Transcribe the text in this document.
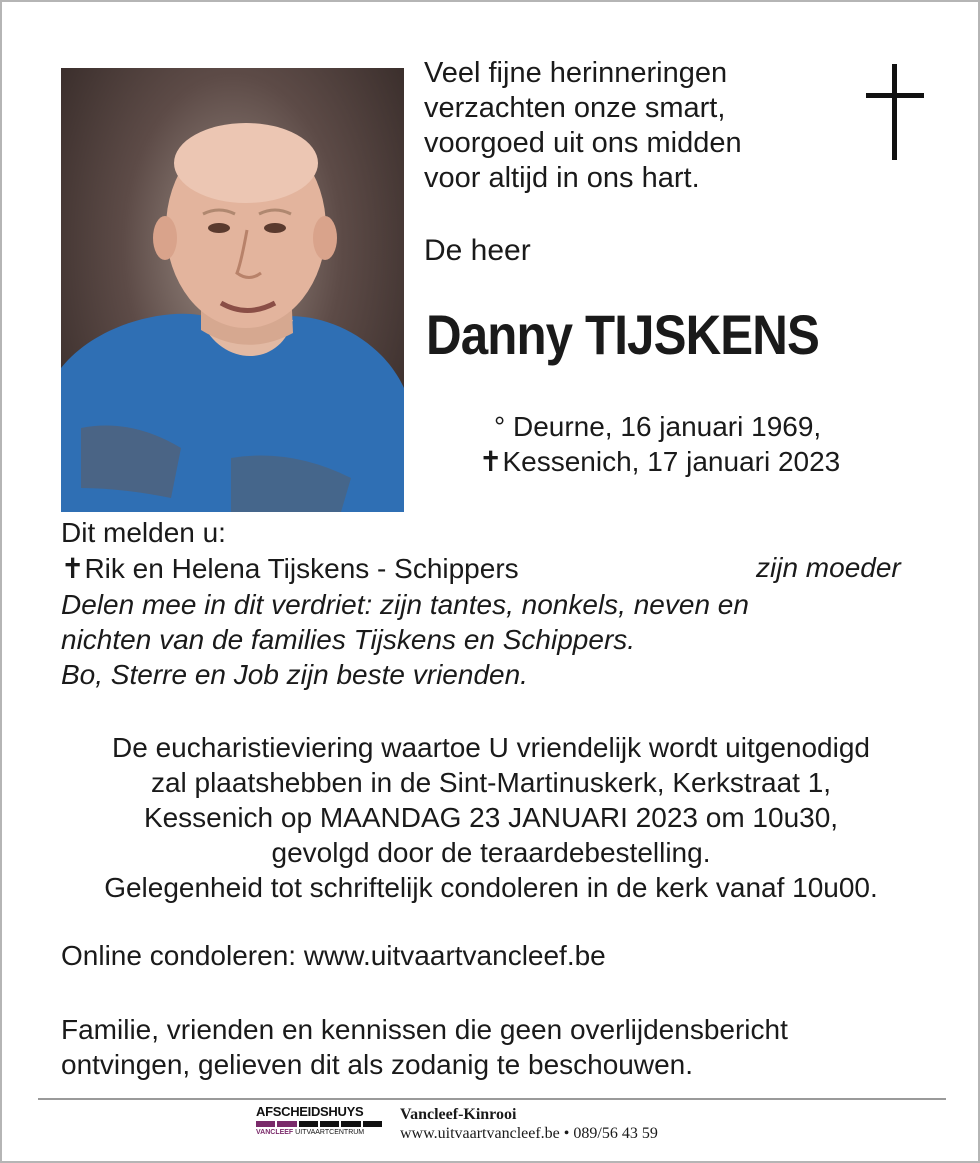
Veel fijne herinneringen
verzachten onze smart,
voorgoed uit ons midden
voor altijd in ons hart.
De heer
Danny TIJSKENS
° Deurne, 16 januari 1969,
✝Kessenich, 17 januari 2023
Dit melden u:
✝Rik en Helena Tijskens - Schippers	zijn moeder
Delen mee in dit verdriet: zijn tantes, nonkels, neven en
nichten van de families Tijskens en Schippers.
Bo, Sterre en Job zijn beste vrienden.
De eucharistieviering waartoe U vriendelijk wordt uitgenodigd
zal plaatshebben in de Sint-Martinuskerk, Kerkstraat 1,
Kessenich op MAANDAG 23 JANUARI 2023 om 10u30,
gevolgd door de teraardebestelling.
Gelegenheid tot schriftelijk condoleren in de kerk vanaf 10u00.
Online condoleren: www.uitvaartvancleef.be
Familie, vrienden en kennissen die geen overlijdensbericht
ontvingen, gelieven dit als zodanig te beschouwen.
AFSCHEIDSHUYS
VANCLEEF UITVAARTCENTRUM
Vancleef-Kinrooi
www.uitvaartvancleef.be • 089/56 43 59
